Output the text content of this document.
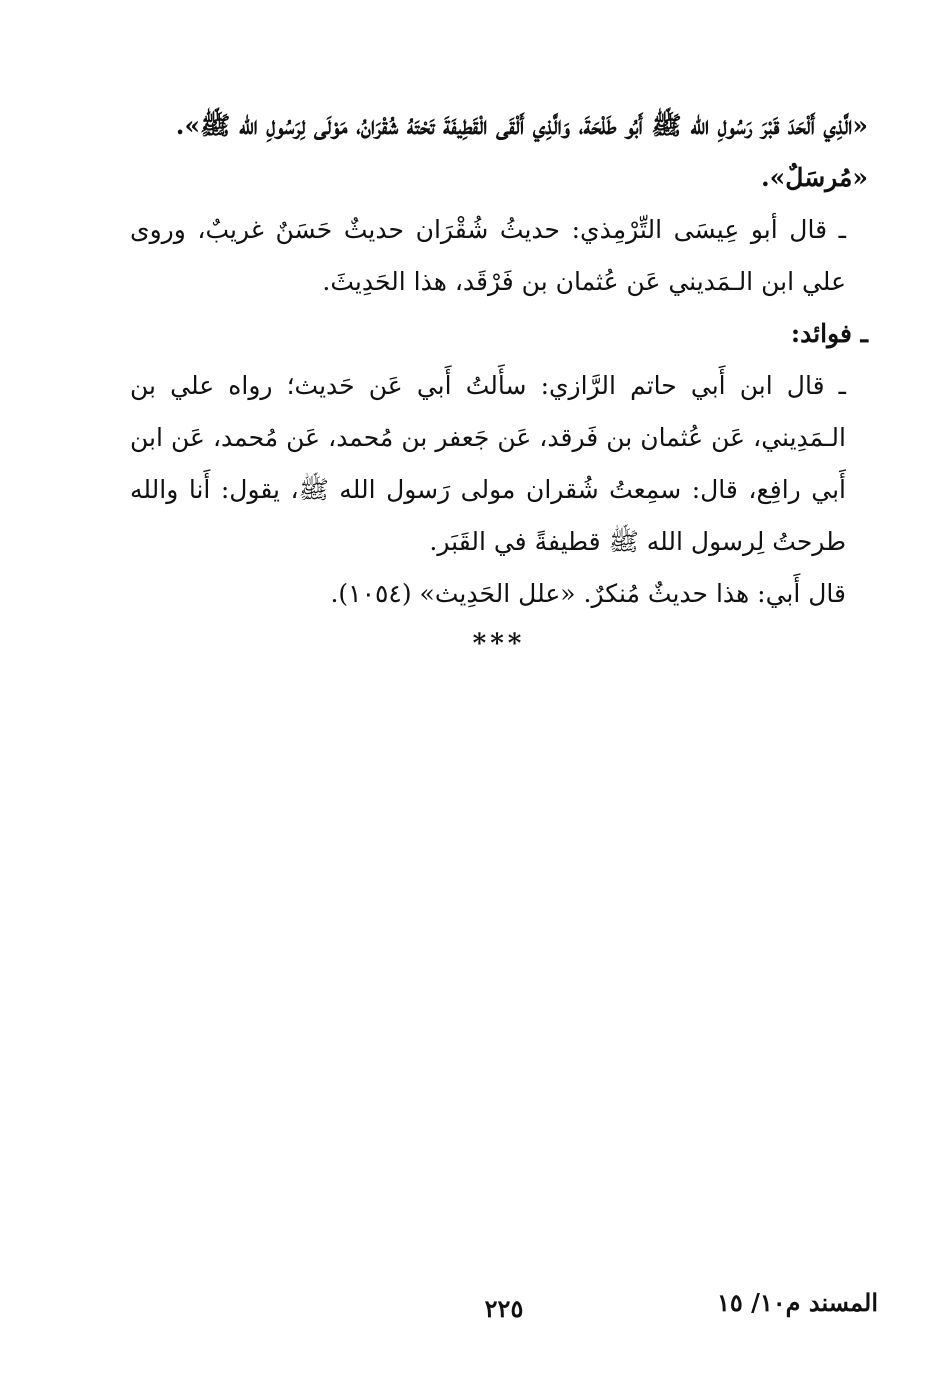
«الَّذِي أَلْحَدَ قَبْرَ رَسُولِ الله ﷺ أَبُو طَلْحَةَ، وَالَّذِي أَلْقَى الْقَطِيفَةَ تَحْتَهُ شُقْرَانُ، مَوْلَى لِرَسُولِ الله ﷺ».

«مُرسَلٌ».

ـ قال أبو عِيسَى التِّرْمِذي: حديثُ شُقْرَان حديثٌ حَسَنٌ غريبٌ، وروى علي ابن الـمَديني عَن عُثمان بن فَرْقَد، هذا الحَدِيثَ.

ـ فوائد:

ـ قال ابن أَبي حاتم الرَّازي: سأَلتُ أَبي عَن حَديث؛ رواه علي بن الـمَدِيني، عَن عُثمان بن فَرقد، عَن جَعفر بن مُحمد، عَن مُحمد، عَن ابن أَبي رافِع، قال: سمِعتُ شُقران مولى رَسول الله ﷺ، يقول: أَنا والله طرحتُ لِرسول الله ﷺ قطيفةً في القَبَر.

قال أَبي: هذا حديثٌ مُنكرٌ. «علل الحَدِيث» (١٠٥٤).

***
٢٢٥	المسند م١٠/ ١٥
